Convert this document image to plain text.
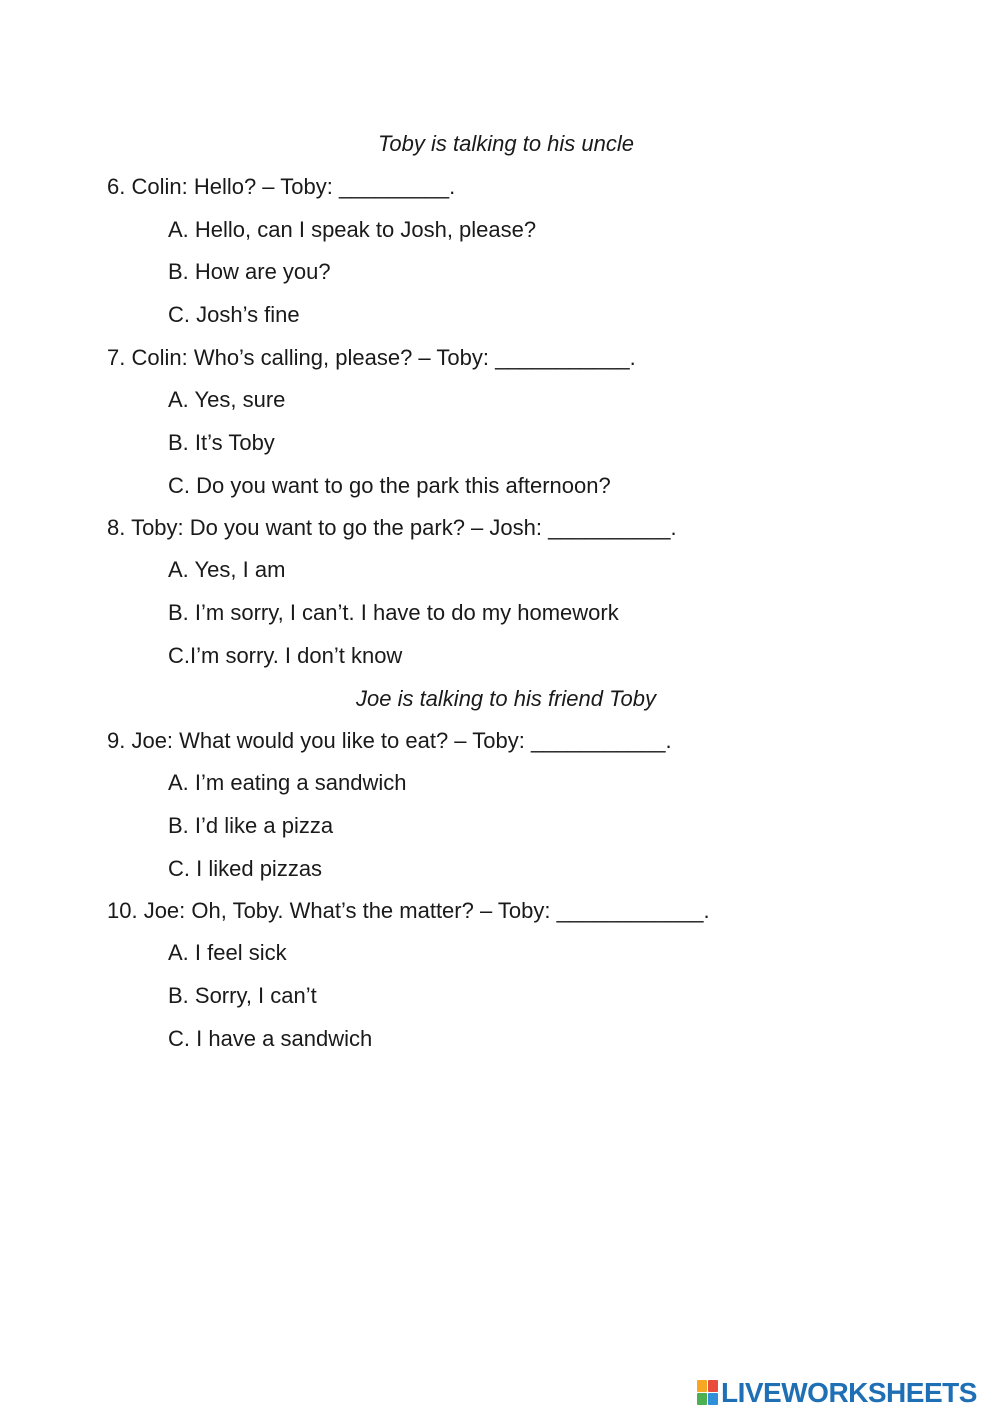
Toby is talking to his uncle
6. Colin: Hello? – Toby: _________.
A. Hello, can I speak to Josh, please?
B. How are you?
C. Josh’s fine
7. Colin: Who’s calling, please? – Toby: ___________.
A. Yes, sure
B. It’s Toby
C. Do you want to go the park this afternoon?
8. Toby: Do you want to go the park? – Josh: __________.
A. Yes, I am
B. I’m sorry, I can’t. I have to do my homework
C.I’m sorry. I don’t know
Joe is talking to his friend Toby
9. Joe: What would you like to eat? – Toby: ___________.
A. I’m eating a sandwich
B. I’d like a pizza
C. I liked pizzas
10. Joe: Oh, Toby. What’s the matter? – Toby: ____________.
A. I feel sick
B. Sorry, I can’t
C. I have a sandwich
LIVEWORKSHEETS
